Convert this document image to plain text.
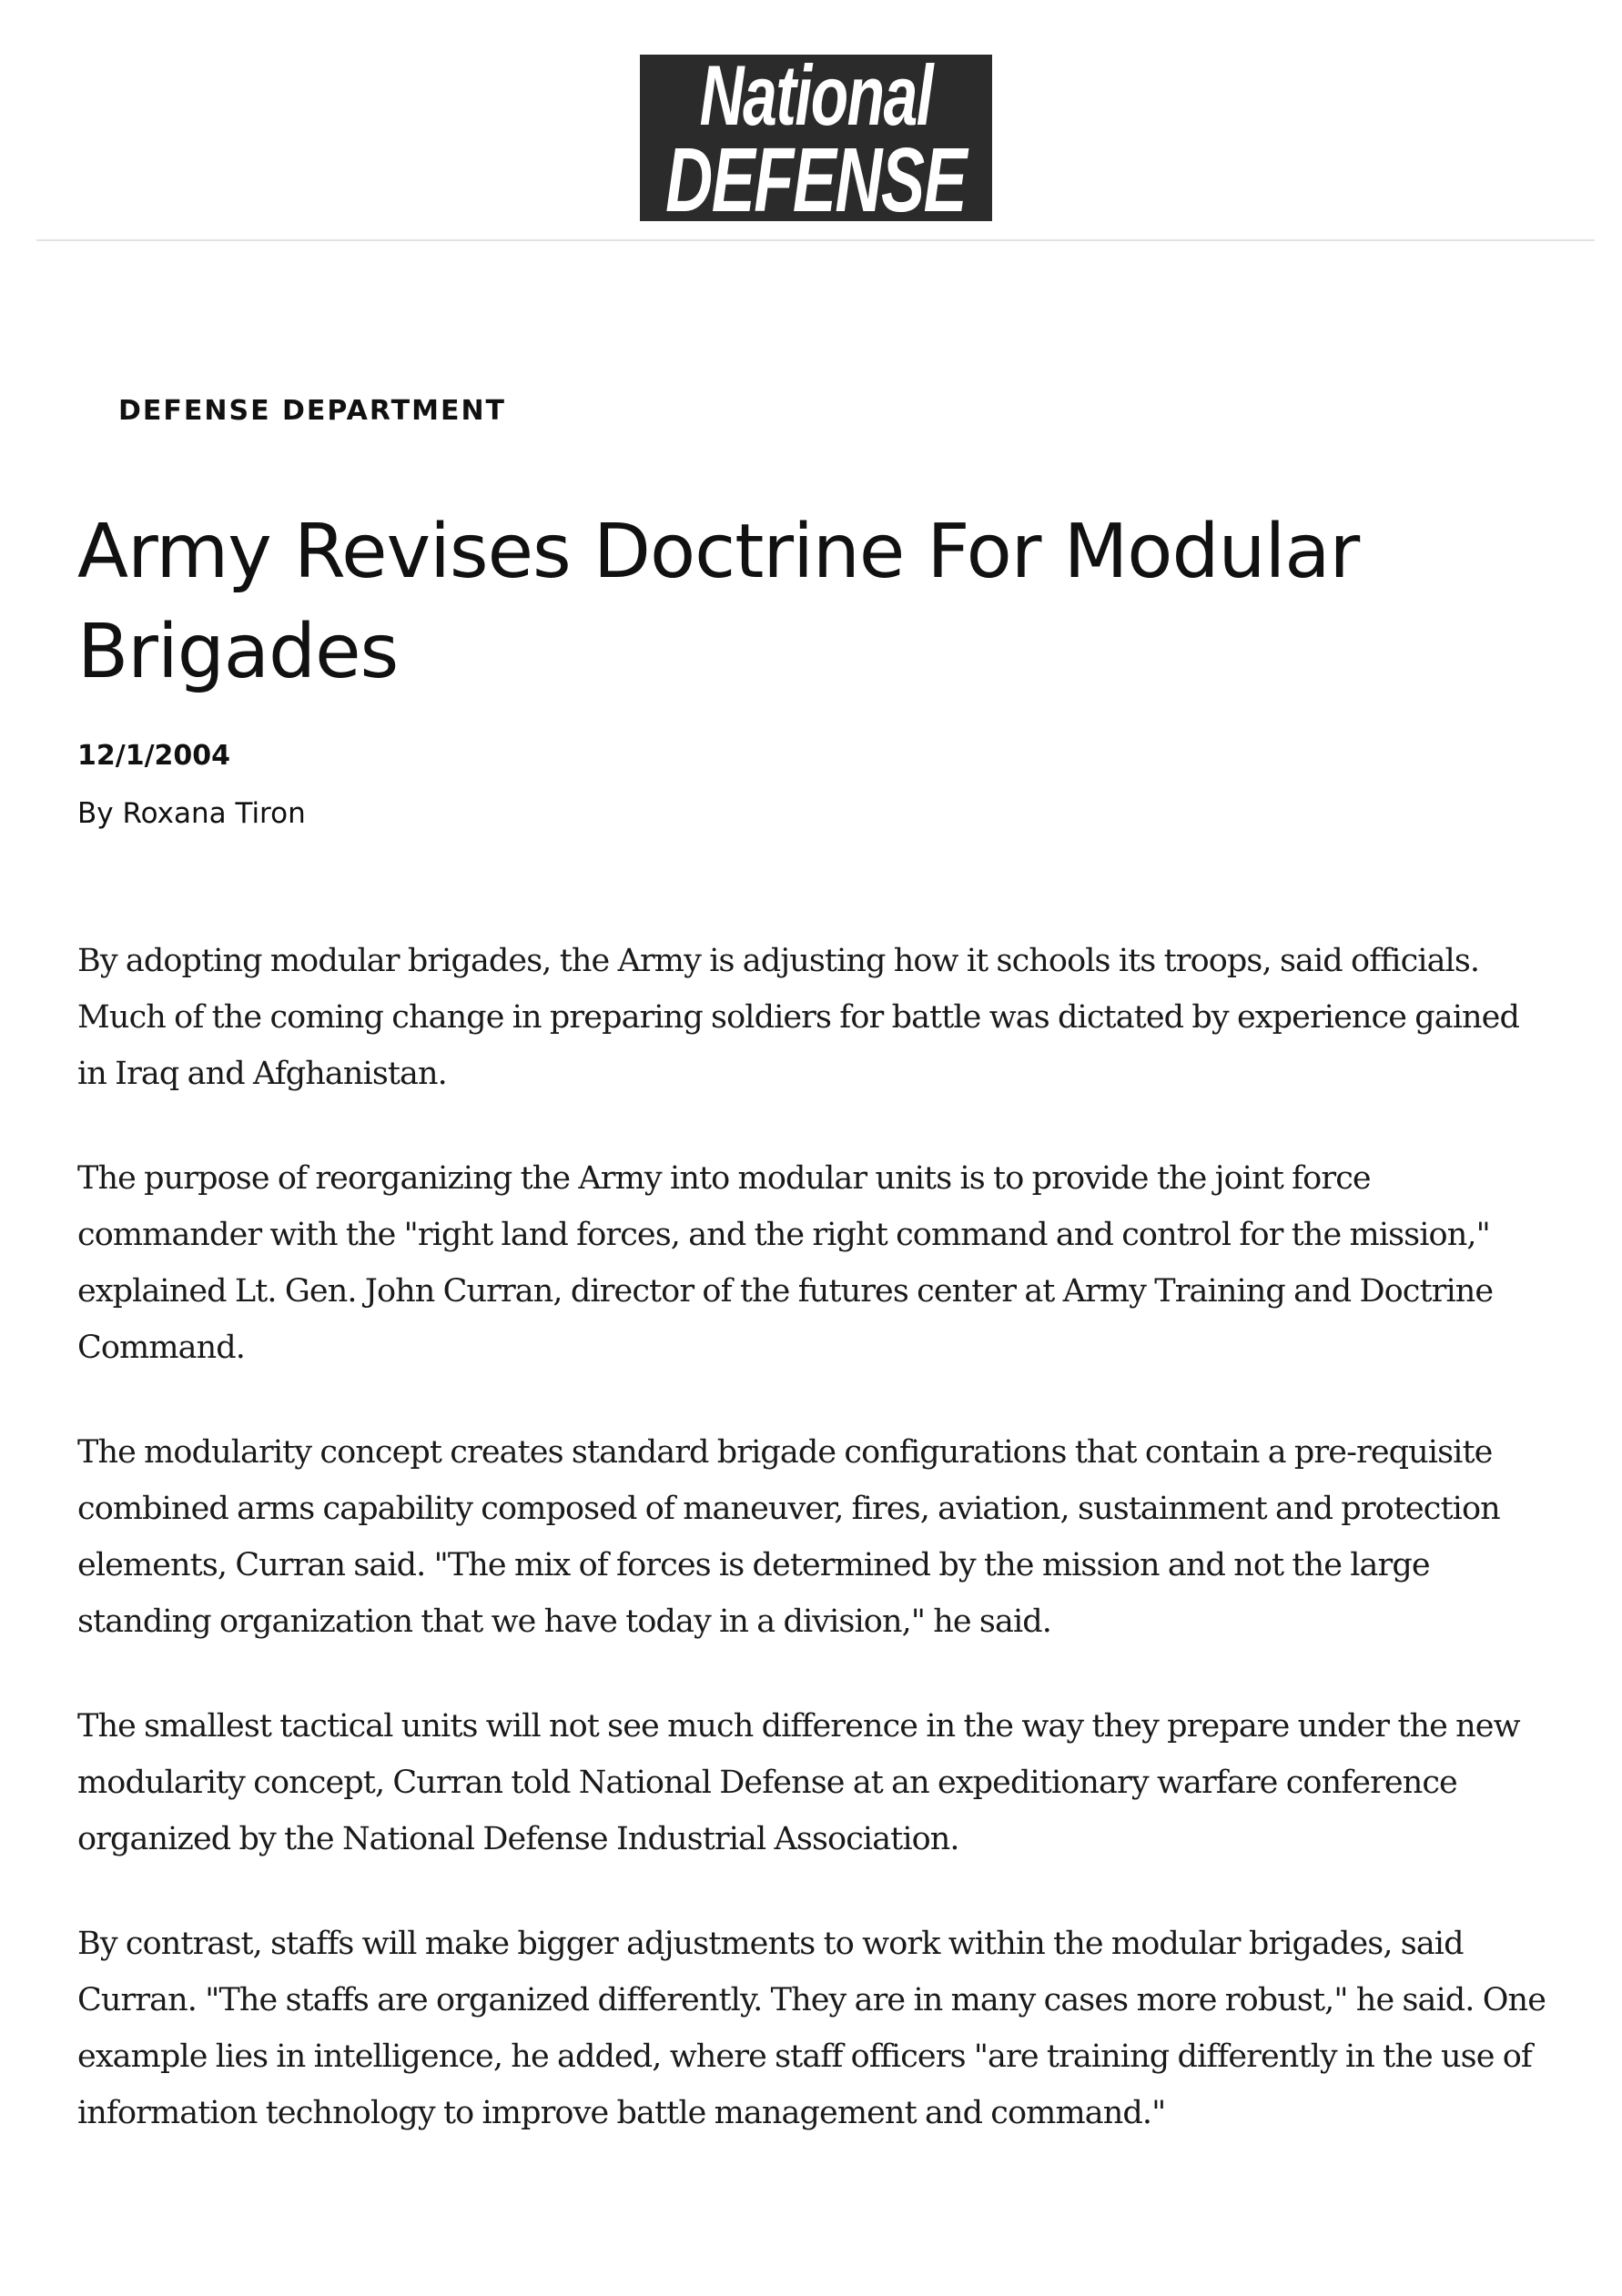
National
DEFENSE
DEFENSE DEPARTMENT
Army Revises Doctrine For Modular Brigades
12/1/2004
By Roxana Tiron

By adopting modular brigades, the Army is adjusting how it schools its troops, said officials. Much of the coming change in preparing soldiers for battle was dictated by experience gained in Iraq and Afghanistan.

The purpose of reorganizing the Army into modular units is to provide the joint force commander with the "right land forces, and the right command and control for the mission," explained Lt. Gen. John Curran, director of the futures center at Army Training and Doctrine Command.

The modularity concept creates standard brigade configurations that contain a pre-requisite combined arms capability composed of maneuver, fires, aviation, sustainment and protection elements, Curran said. "The mix of forces is determined by the mission and not the large standing organization that we have today in a division," he said.

The smallest tactical units will not see much difference in the way they prepare under the new modularity concept, Curran told National Defense at an expeditionary warfare conference organized by the National Defense Industrial Association.

By contrast, staffs will make bigger adjustments to work within the modular brigades, said Curran. "The staffs are organized differently. They are in many cases more robust," he said. One example lies in intelligence, he added, where staff officers "are training differently in the use of information technology to improve battle management and command."
